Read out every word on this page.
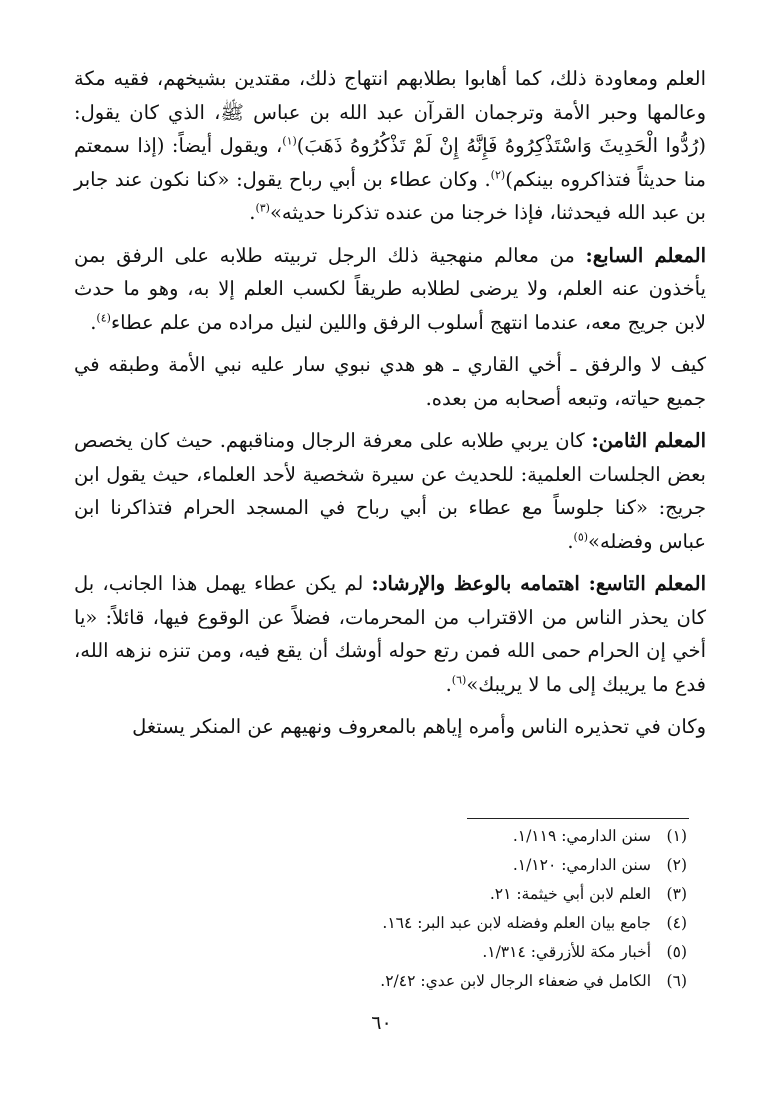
العلم ومعاودة ذلك، كما أهابوا بطلابهم انتهاج ذلك، مقتدين بشيخهم، فقيه مكة وعالمها وحبر الأمة وترجمان القرآن عبد الله بن عباس ﷺ، الذي كان يقول: (رُدُّوا الْحَدِيثَ وَاسْتَذْكِرُوهُ فَإِنَّهُ إِنْ لَمْ تَذْكُرُوهُ ذَهَبَ)$^{(١)}$، ويقول أيضاً: (إذا سمعتم منا حديثاً فتذاكروه بينكم)$^{(٢)}$. وكان عطاء بن أبي رباح يقول: «كنا نكون عند جابر بن عبد الله فيحدثنا، فإذا خرجنا من عنده تذكرنا حديثه»$^{(٣)}$.

المعلم السابع: من معالم منهجية ذلك الرجل تربيته طلابه على الرفق بمن يأخذون عنه العلم، ولا يرضى لطلابه طريقاً لكسب العلم إلا به، وهو ما حدث لابن جريج معه، عندما انتهج أسلوب الرفق واللين لنيل مراده من علم عطاء$^{(٤)}$.

كيف لا والرفق ـ أخي القاري ـ هو هدي نبوي سار عليه نبي الأمة وطبقه في جميع حياته، وتبعه أصحابه من بعده.

المعلم الثامن: كان يربي طلابه على معرفة الرجال ومناقبهم. حيث كان يخصص بعض الجلسات العلمية: للحديث عن سيرة شخصية لأحد العلماء، حيث يقول ابن جريج: «كنا جلوساً مع عطاء بن أبي رباح في المسجد الحرام فتذاكرنا ابن عباس وفضله»$^{(٥)}$.

المعلم التاسع: اهتمامه بالوعظ والإرشاد: لم يكن عطاء يهمل هذا الجانب، بل كان يحذر الناس من الاقتراب من المحرمات، فضلاً عن الوقوع فيها، قائلاً: «يا أخي إن الحرام حمى الله فمن رتع حوله أوشك أن يقع فيه، ومن تنزه نزهه الله، فدع ما يريبك إلى ما لا يريبك»$^{(٦)}$.

وكان في تحذيره الناس وأمره إياهم بالمعروف ونهيهم عن المنكر يستغل

(١)سنن الدارمي: ١/١١٩.
(٢)سنن الدارمي: ١/١٢٠.
(٣)العلم لابن أبي خيثمة: ٢١.
(٤)جامع بيان العلم وفضله لابن عبد البر: ١٦٤.
(٥)أخبار مكة للأزرقي: ١/٣١٤.
(٦)الكامل في ضعفاء الرجال لابن عدي: ٢/٤٢.
٦٠
